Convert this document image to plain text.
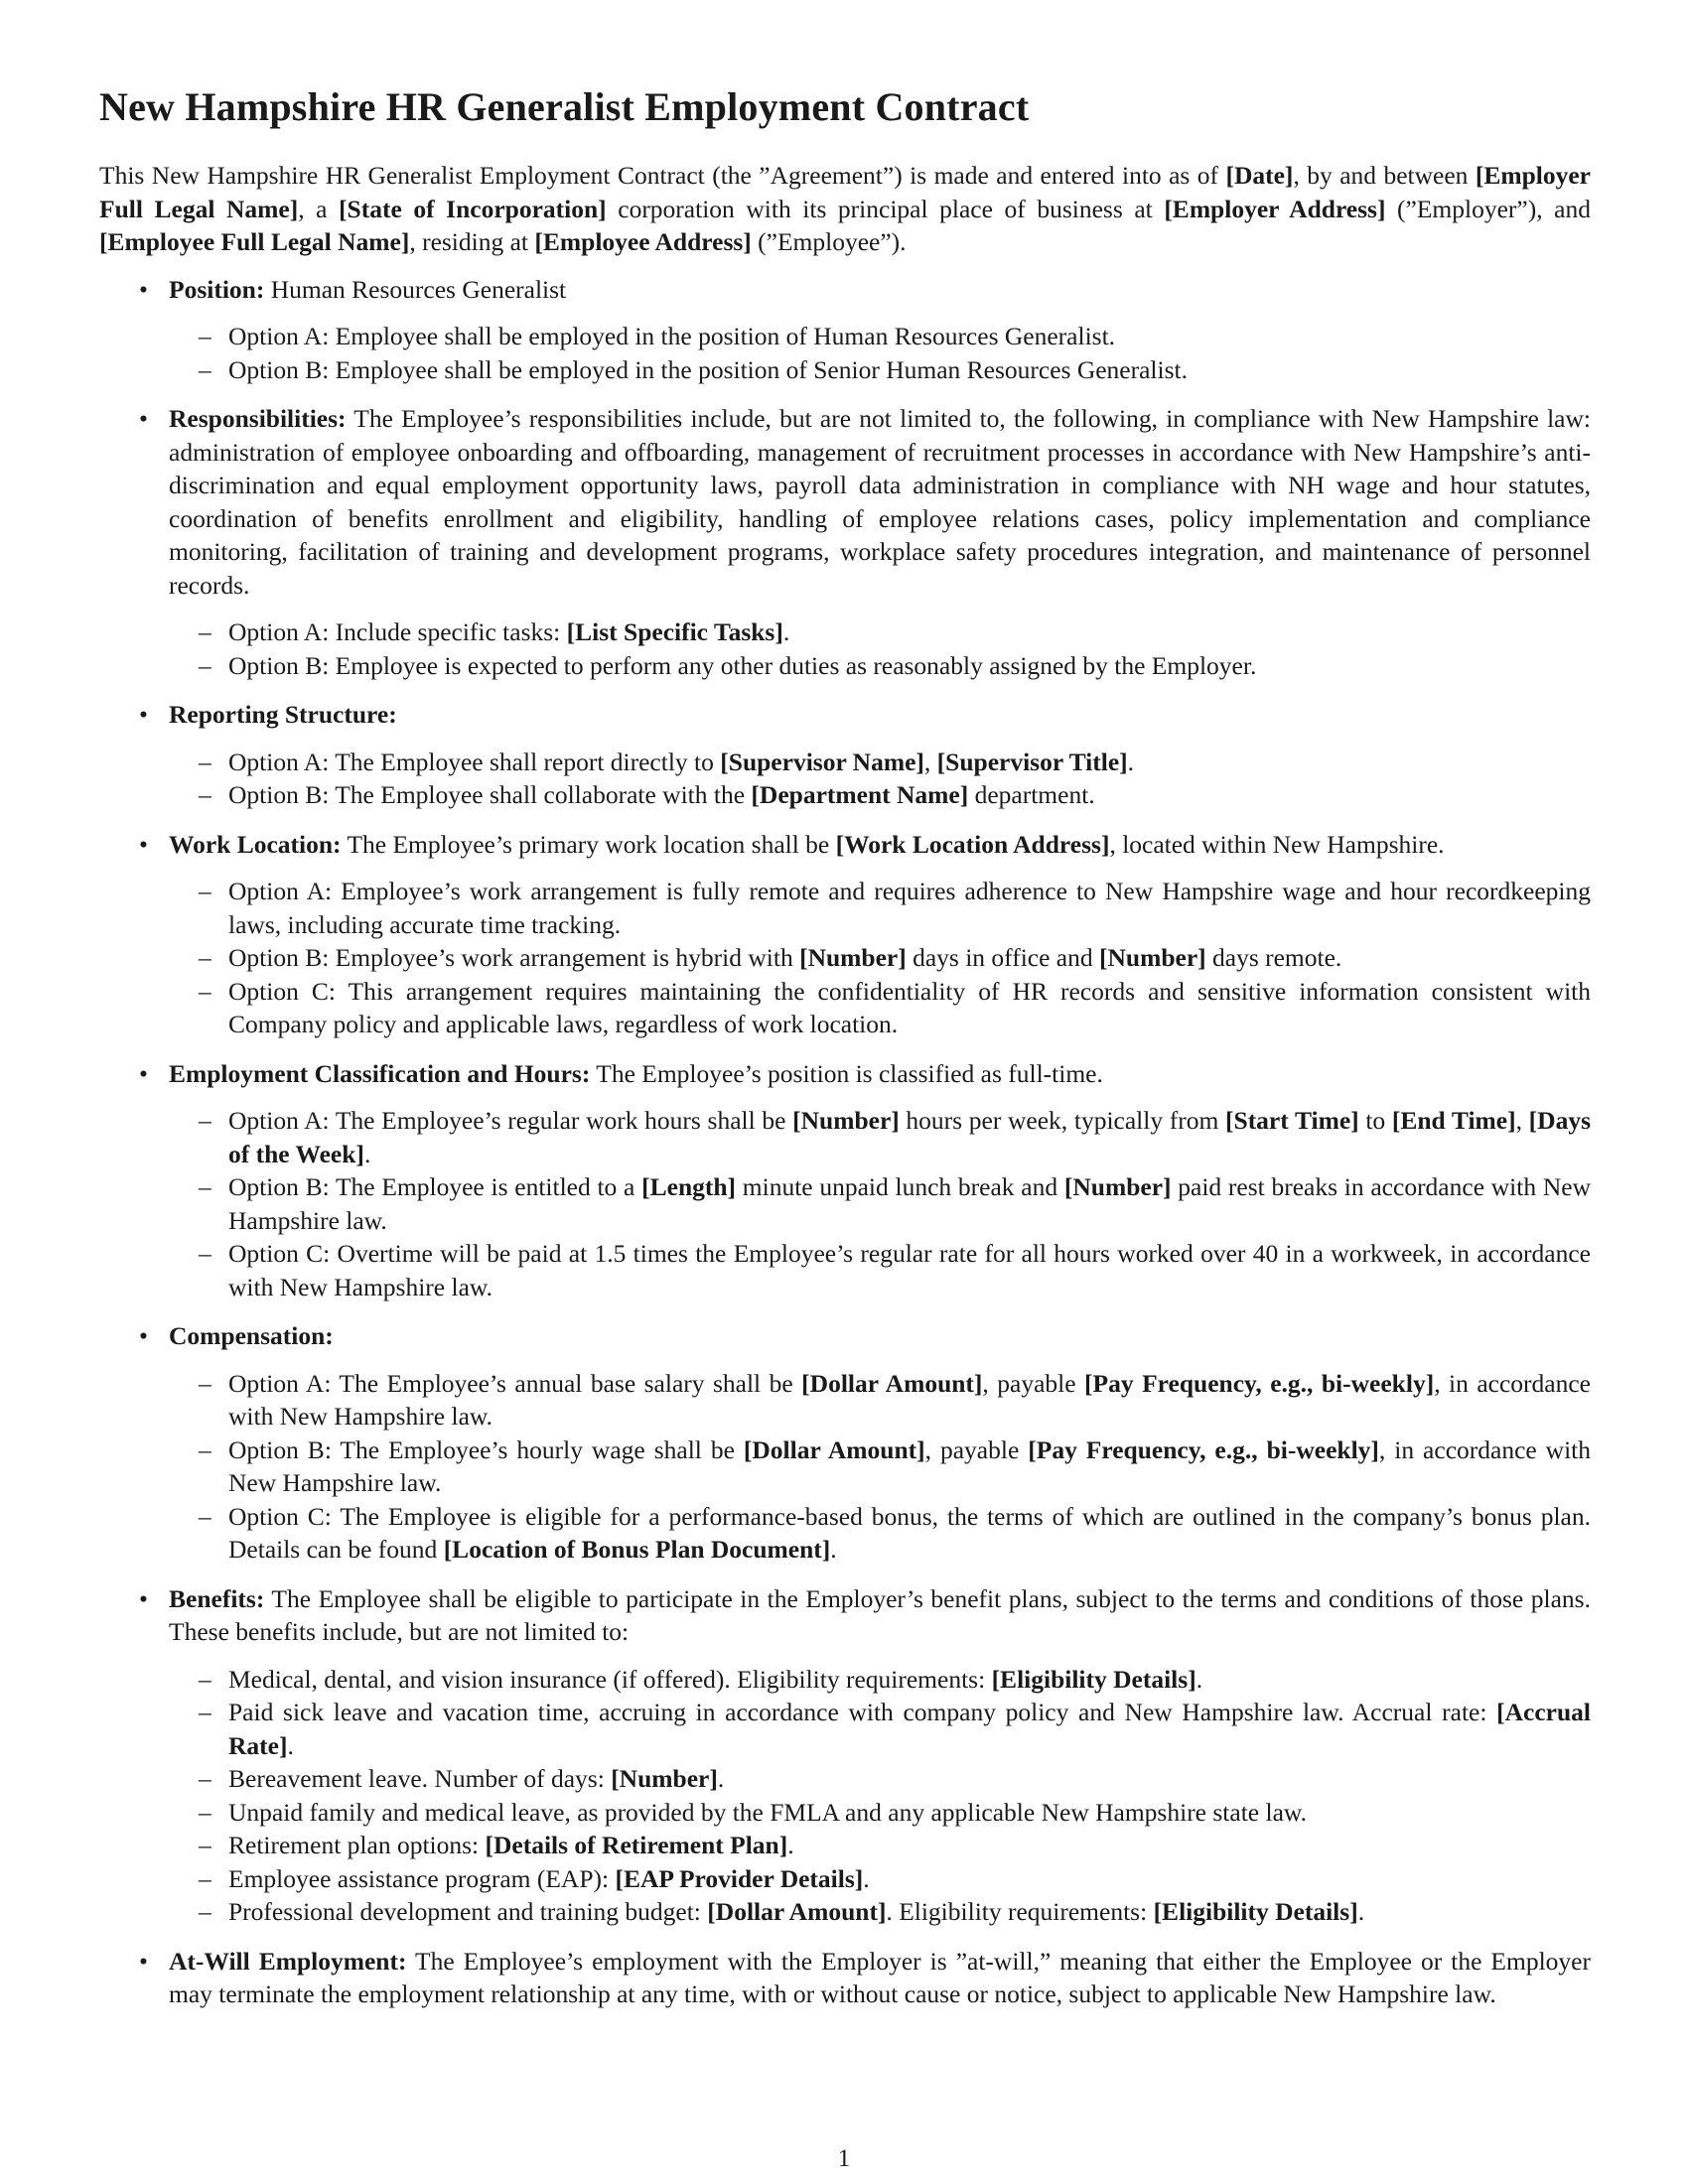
New Hampshire HR Generalist Employment Contract

This New Hampshire HR Generalist Employment Contract (the ”Agreement”) is made and entered into as of [Date], by and between [Employer Full Legal Name], a [State of Incorporation] corporation with its principal place of business at [Employer Address] (”Employer”), and [Employee Full Legal Name], residing at [Employee Address] (”Employee”).

• Position: Human Resources Generalist
– Option A: Employee shall be employed in the position of Human Resources Generalist.
– Option B: Employee shall be employed in the position of Senior Human Resources Generalist.
• Responsibilities: The Employee’s responsibilities include, but are not limited to, the following, in compliance with New Hampshire law: administration of employee onboarding and offboarding, management of recruitment processes in accordance with New Hampshire’s anti-discrimination and equal employment opportunity laws, payroll data administration in compliance with NH wage and hour statutes, coordination of benefits enrollment and eligibility, handling of employee relations cases, policy implementation and compliance monitoring, facilitation of training and development programs, workplace safety procedures integration, and maintenance of personnel records.
– Option A: Include specific tasks: [List Specific Tasks].
– Option B: Employee is expected to perform any other duties as reasonably assigned by the Employer.
• Reporting Structure:
– Option A: The Employee shall report directly to [Supervisor Name], [Supervisor Title].
– Option B: The Employee shall collaborate with the [Department Name] department.
• Work Location: The Employee’s primary work location shall be [Work Location Address], located within New Hampshire.
– Option A: Employee’s work arrangement is fully remote and requires adherence to New Hampshire wage and hour recordkeeping laws, including accurate time tracking.
– Option B: Employee’s work arrangement is hybrid with [Number] days in office and [Number] days remote.
– Option C: This arrangement requires maintaining the confidentiality of HR records and sensitive information consistent with Company policy and applicable laws, regardless of work location.
• Employment Classification and Hours: The Employee’s position is classified as full-time.
– Option A: The Employee’s regular work hours shall be [Number] hours per week, typically from [Start Time] to [End Time], [Days of the Week].
– Option B: The Employee is entitled to a [Length] minute unpaid lunch break and [Number] paid rest breaks in accordance with New Hampshire law.
– Option C: Overtime will be paid at 1.5 times the Employee’s regular rate for all hours worked over 40 in a workweek, in accordance with New Hampshire law.
• Compensation:
– Option A: The Employee’s annual base salary shall be [Dollar Amount], payable [Pay Frequency, e.g., bi-weekly], in accordance with New Hampshire law.
– Option B: The Employee’s hourly wage shall be [Dollar Amount], payable [Pay Frequency, e.g., bi-weekly], in accordance with New Hampshire law.
– Option C: The Employee is eligible for a performance-based bonus, the terms of which are outlined in the company’s bonus plan. Details can be found [Location of Bonus Plan Document].
• Benefits: The Employee shall be eligible to participate in the Employer’s benefit plans, subject to the terms and conditions of those plans. These benefits include, but are not limited to:
– Medical, dental, and vision insurance (if offered). Eligibility requirements: [Eligibility Details].
– Paid sick leave and vacation time, accruing in accordance with company policy and New Hampshire law. Accrual rate: [Accrual Rate].
– Bereavement leave. Number of days: [Number].
– Unpaid family and medical leave, as provided by the FMLA and any applicable New Hampshire state law.
– Retirement plan options: [Details of Retirement Plan].
– Employee assistance program (EAP): [EAP Provider Details].
– Professional development and training budget: [Dollar Amount]. Eligibility requirements: [Eligibility Details].
• At-Will Employment: The Employee’s employment with the Employer is ”at-will,” meaning that either the Employee or the Employer may terminate the employment relationship at any time, with or without cause or notice, subject to applicable New Hampshire law.
1
